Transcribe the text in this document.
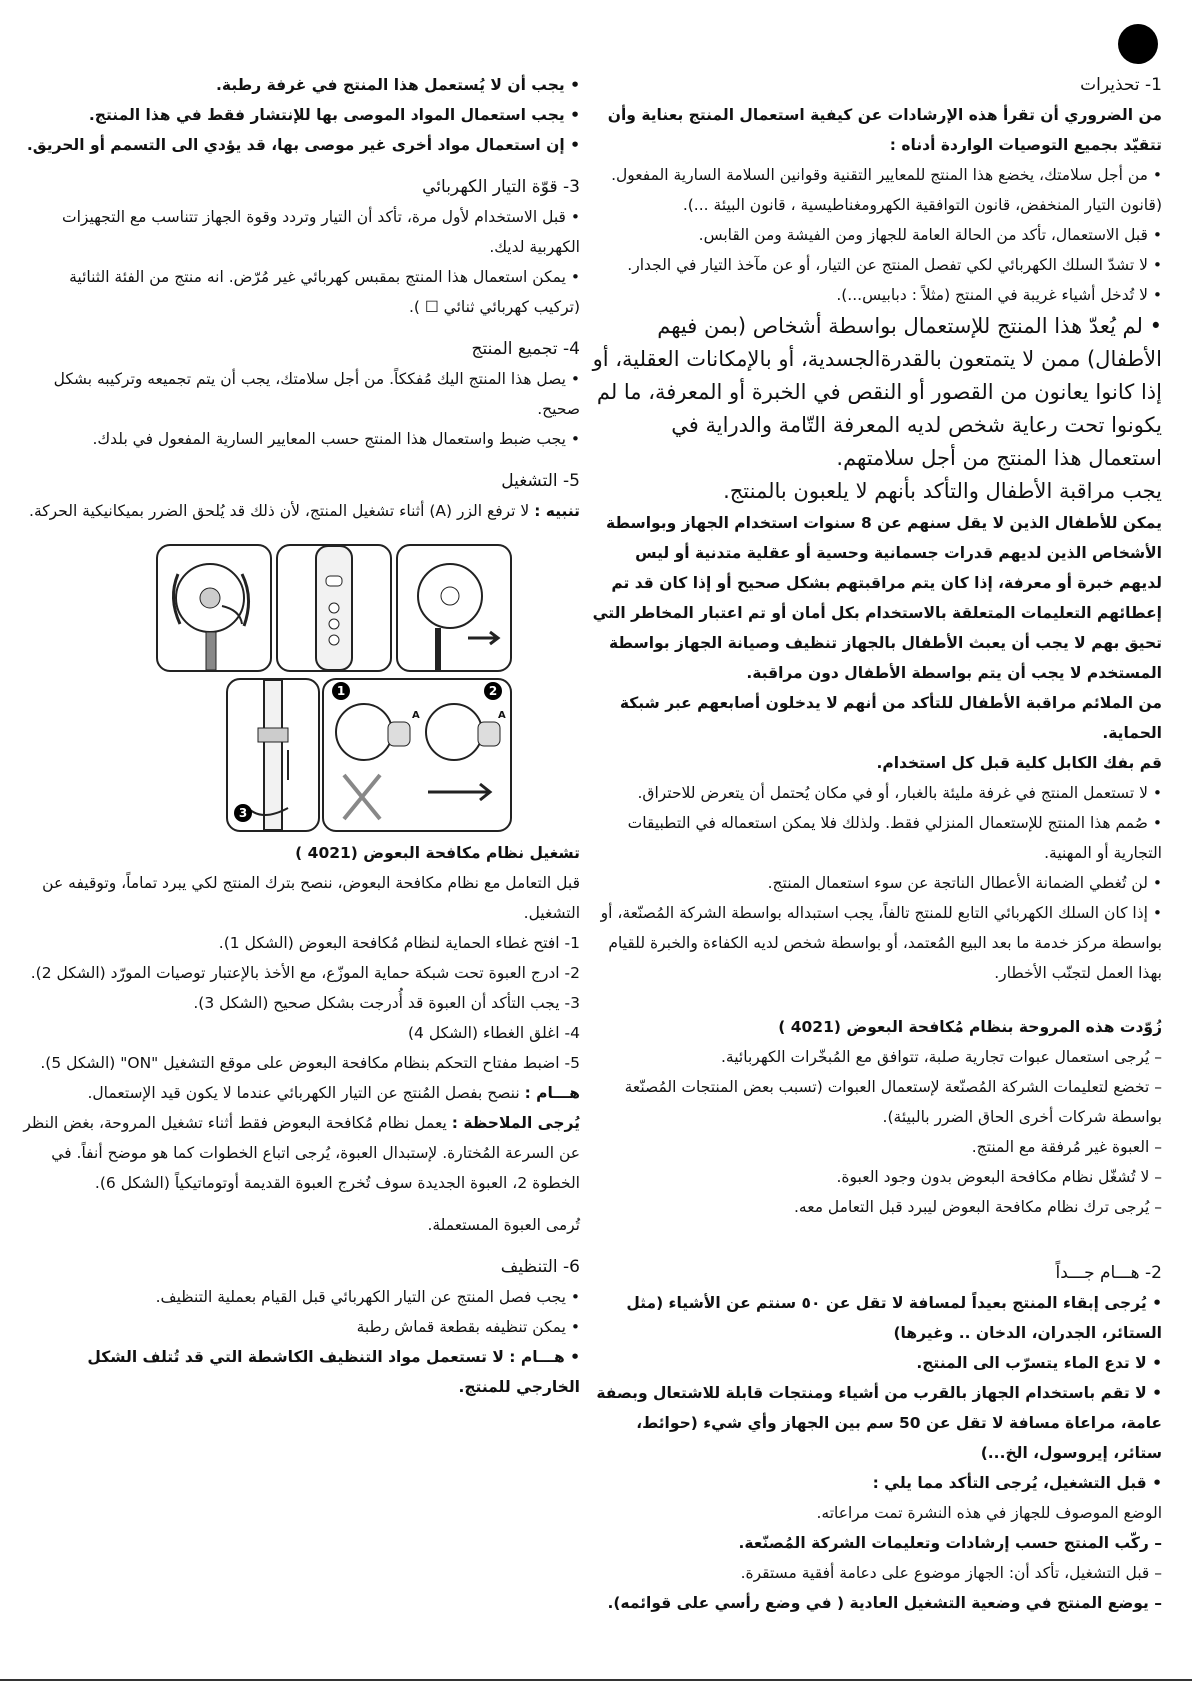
1- تحذيرات

من الضروري أن تقرأ هذه الإرشادات عن كيفية استعمال المنتج بعناية وأن تتقيّد بجميع التوصيات الواردة أدناه :

• من أجل سلامتك، يخضع هذا المنتج للمعايير التقنية وقوانين السلامة السارية المفعول. (قانون التيار المنخفض، قانون التوافقية الكهرومغناطيسية ، قانون البيئة ...).

• قبل الاستعمال، تأكد من الحالة العامة للجهاز ومن الفيشة ومن القابس.

• لا تشدّ السلك الكهربائي لكي تفصل المنتج عن التيار، أو عن مآخذ التيار في الجدار.

• لا تُدخل أشياء غريبة في المنتج (مثلاً : دبابيس...).

• لم يُعدّ هذا المنتج للإستعمال بواسطة أشخاص (بمن فيهم الأطفال) ممن لا يتمتعون بالقدرةالجسدية، أو بالإمكانات العقلية، أو إذا كانوا يعانون من القصور أو النقص في الخبرة أو المعرفة، ما لم يكونوا تحت رعاية شخص لديه المعرفة التّامة والدراية في استعمال هذا المنتج من أجل سلامتهم.

يجب مراقبة الأطفال والتأكد بأنهم لا يلعبون بالمنتج.

يمكن للأطفال الذين لا يقل سنهم عن 8 سنوات استخدام الجهاز وبواسطة الأشخاص الذين لديهم قدرات جسمانية وحسية أو عقلية متدنية أو ليس لديهم خبرة أو معرفة، إذا كان يتم مراقبتهم بشكل صحيح أو إذا كان قد تم إعطائهم التعليمات المتعلقة بالاستخدام بكل أمان أو تم اعتبار المخاطر التي تحيق بهم لا يجب أن يعبث الأطفال بالجهاز تنظيف وصيانة الجهاز بواسطة المستخدم لا يجب أن يتم بواسطة الأطفال دون مراقبة.

من الملائم مراقبة الأطفال للتأكد من أنهم لا يدخلون أصابعهم عبر شبكة الحماية.

قم بفك الكابل كلية قبل كل استخدام.

• لا تستعمل المنتج في غرفة مليئة بالغبار، أو في مكان يُحتمل أن يتعرض للاحتراق.

• صُمم هذا المنتج للإستعمال المنزلي فقط. ولذلك فلا يمكن استعماله في التطبيقات التجارية أو المهنية.

• لن تُغطي الضمانة الأعطال الناتجة عن سوء استعمال المنتج.

• إذا كان السلك الكهربائي التابع للمنتج تالفاً، يجب استبداله بواسطة الشركة المُصنّعة، أو بواسطة مركز خدمة ما بعد البيع المُعتمد، أو بواسطة شخص لديه الكفاءة والخبرة للقيام بهذا العمل لتجنّب الأخطار.

زُوّدت هذه المروحة بنظام مُكافحة البعوض (4021 )

– يُرجى استعمال عبوات تجارية صلبة، تتوافق مع المُبخّرات الكهربائية.

– تخضع لتعليمات الشركة المُصنّعة لإستعمال العبوات (تسبب بعض المنتجات المُصنّعة بواسطة شركات أخرى الحاق الضرر بالبيئة).

– العبوة غير مُرفقة مع المنتج.

– لا تُشغّل نظام مكافحة البعوض بدون وجود العبوة.

– يُرجى ترك نظام مكافحة البعوض ليبرد قبل التعامل معه.

2- هـــام جـــداً

• يُرجى إبقاء المنتج بعيداً لمسافة لا تقل عن ٥٠ سنتم عن الأشياء (مثل الستائر، الجدران، الدخان .. وغيرها)

• لا تدع الماء يتسرّب الى المنتج.

• لا تقم باستخدام الجهاز بالقرب من أشياء ومنتجات قابلة للاشتعال وبصفة عامة، مراعاة مسافة لا تقل عن 50 سم بين الجهاز وأي شيء (حوائط، ستائر، إيروسول، الخ...)

• قبل التشغيل، يُرجى التأكد مما يلي :

الوضع الموصوف للجهاز في هذه النشرة تمت مراعاته.

– ركّب المنتج حسب إرشادات وتعليمات الشركة المُصنّعة.

– قبل التشغيل، تأكد أن: الجهاز موضوع على دعامة أفقية مستقرة.

– يوضع المنتج في وضعية التشغيل العادية ( في وضع رأسي على قوائمه).

• يجب أن لا يُستعمل هذا المنتج في غرفة رطبة.

• يجب استعمال المواد الموصى بها للإنتشار فقط في هذا المنتج.

• إن استعمال مواد أخرى غير موصى بها، قد يؤدي الى التسمم أو الحريق.

3- قوّة التيار الكهربائي

• قبل الاستخدام لأول مرة، تأكد أن التيار وتردد وقوة الجهاز تتناسب مع التجهيزات الكهربية لديك.

• يمكن استعمال هذا المنتج بمقبس كهربائي غير مُرّض. انه منتج من الفئة الثنائية (تركيب كهربائي ثنائي ☐ ).

4- تجميع المنتج

• يصل هذا المنتج اليك مُفككاً. من أجل سلامتك، يجب أن يتم تجميعه وتركيبه بشكل صحيح.

• يجب ضبط واستعمال هذا المنتج حسب المعايير السارية المفعول في بلدك.

5- التشغيل

تنبيه : لا ترفع الزر (A) أثناء تشغيل المنتج، لأن ذلك قد يُلحق الضرر بميكانيكية الحركة.

1	2
3
A	A

تشغيل نظام مكافحة البعوض (4021 )

قبل التعامل مع نظام مكافحة البعوض، ننصح بترك المنتج لكي يبرد تماماً، وتوقيفه عن التشغيل.

1- افتح غطاء الحماية لنظام مُكافحة البعوض (الشكل 1).

2- ادرج العبوة تحت شبكة حماية الموزّع، مع الأخذ بالإعتبار توصيات المورّد (الشكل 2).

3- يجب التأكد أن العبوة قد أُدرجت بشكل صحيح (الشكل 3).

4- اغلق الغطاء (الشكل 4)

5- اضبط مفتاح التحكم بنظام مكافحة البعوض على موقع التشغيل "ON" (الشكل 5).

هـــام : ننصح بفصل المُنتج عن التيار الكهربائي عندما لا يكون قيد الإستعمال.

يُرجى الملاحظة : يعمل نظام مُكافحة البعوض فقط أثناء تشغيل المروحة، بغض النظر عن السرعة المُختارة. لإستبدال العبوة، يُرجى اتباع الخطوات كما هو موضح أنفاً. في الخطوة 2، العبوة الجديدة سوف تُخرج العبوة القديمة أوتوماتيكياً (الشكل 6).

تُرمى العبوة المستعملة.

6- التنظيف

• يجب فصل المنتج عن التيار الكهربائي قبل القيام بعملية التنظيف.

• يمكن تنظيفه بقطعة قماش رطبة

• هـــام : لا تستعمل مواد التنظيف الكاشطة التي قد تُتلف الشكل الخارجي للمنتج.
